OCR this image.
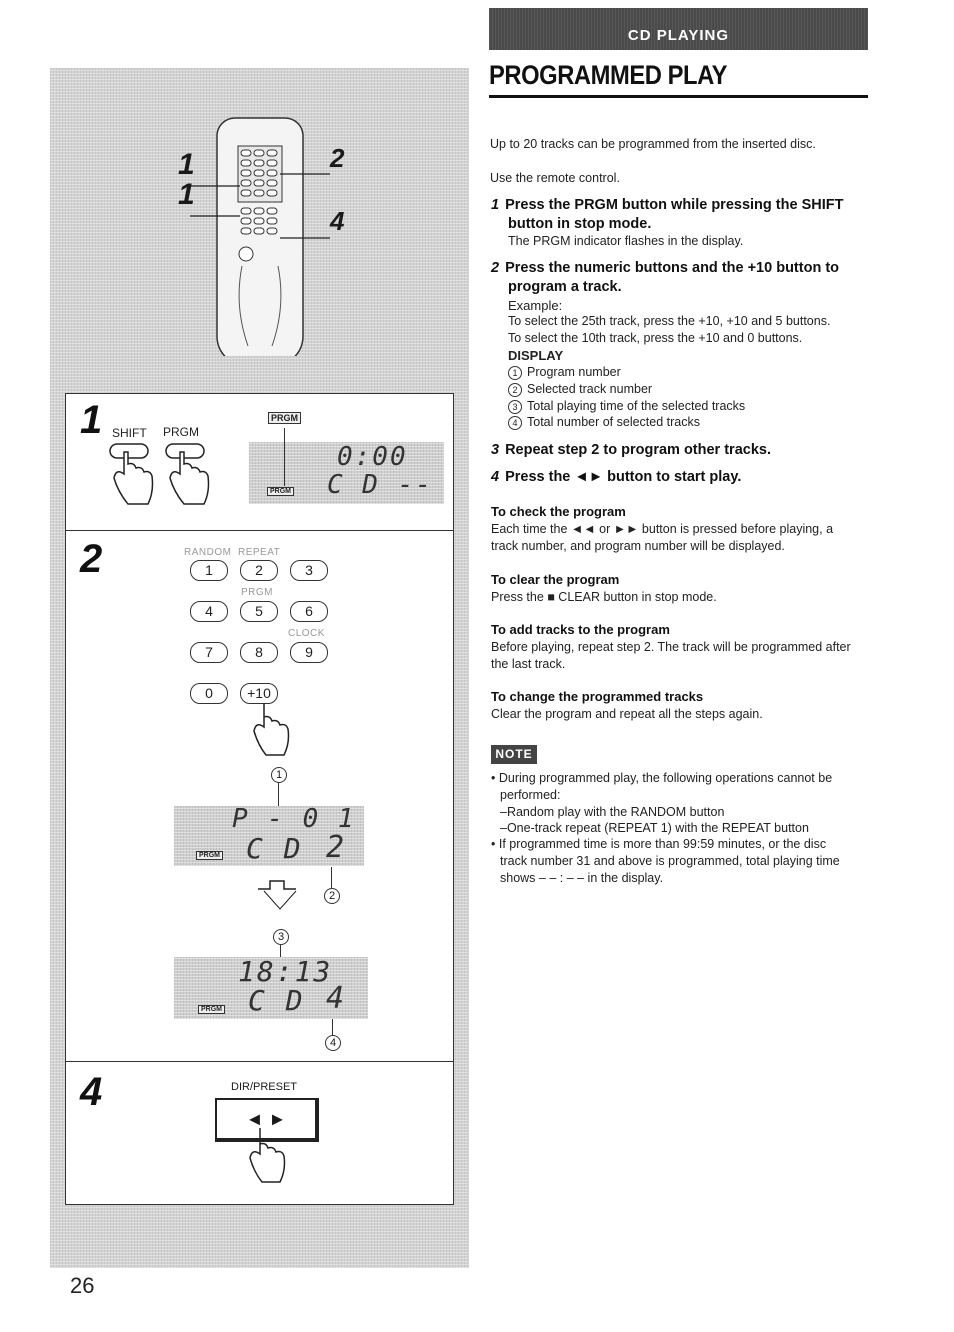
1
1
2
4
1 SHIFT PRGM
PRGM
0:00
C D --
PRGM
2	RANDOM REPEAT
1	2	3
PRGM
4	5	6
CLOCK
7	8	9
0	+10
1
P - 0 1
C D 2
PRGM
2
3
18:13
C D 4
PRGM
4
4	DIR/PRESET
◄ ►
26
CD PLAYING
PROGRAMMED PLAY
Up to 20 tracks can be programmed from the inserted disc.
Use the remote control.
1 Press the PRGM button while pressing the SHIFT
button in stop mode.
The PRGM indicator flashes in the display.
2 Press the numeric buttons and the +10 button to
program a track.
Example:
To select the 25th track, press the +10, +10 and 5 buttons.
To select the 10th track, press the +10 and 0 buttons.
DISPLAY
1 Program number
2 Selected track number
3 Total playing time of the selected tracks
4 Total number of selected tracks
3 Repeat step 2 to program other tracks.
4 Press the ◄► button to start play.
To check the program
Each time the ◄◄ or ►► button is pressed before playing, a
track number, and program number will be displayed.
To clear the program
Press the ■ CLEAR button in stop mode.
To add tracks to the program
Before playing, repeat step 2. The track will be programmed after
the last track.
To change the programmed tracks
Clear the program and repeat all the steps again.
NOTE
• During programmed play, the following operations cannot be
performed:
–Random play with the RANDOM button
–One-track repeat (REPEAT 1) with the REPEAT button
• If programmed time is more than 99:59 minutes, or the disc
track number 31 and above is programmed, total playing time
shows – – : – – in the display.
